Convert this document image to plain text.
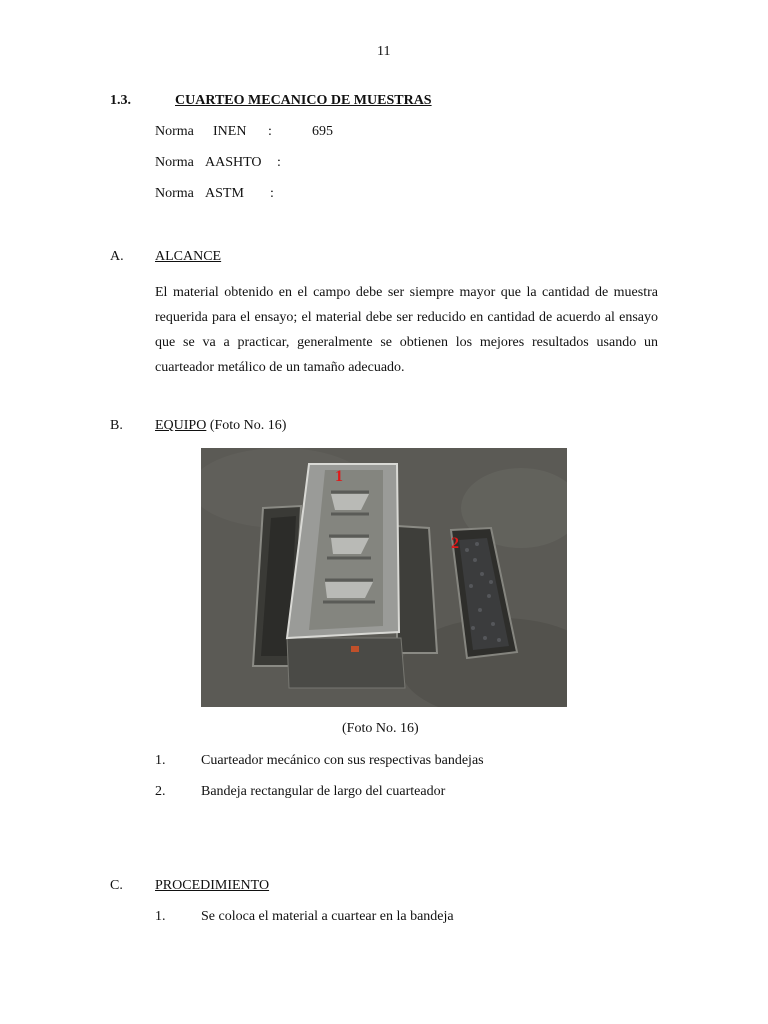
11
1.3.	CUARTEO MECANICO DE MUESTRAS
Norma INEN :	695
Norma AASHTO :
Norma ASTM :
A. ALCANCE
El material obtenido en el campo debe ser siempre mayor que la cantidad de muestra requerida para el ensayo; el material debe ser reducido en cantidad de acuerdo al ensayo que se va a practicar, generalmente se obtienen los mejores resultados usando un cuarteador metálico de un tamaño adecuado.
B. EQUIPO (Foto No. 16)
1
2
(Foto No. 16)
1.	Cuarteador mecánico con sus respectivas bandejas
2.	Bandeja rectangular de largo del cuarteador
C. PROCEDIMIENTO
1.	Se coloca el material a cuartear en la bandeja
